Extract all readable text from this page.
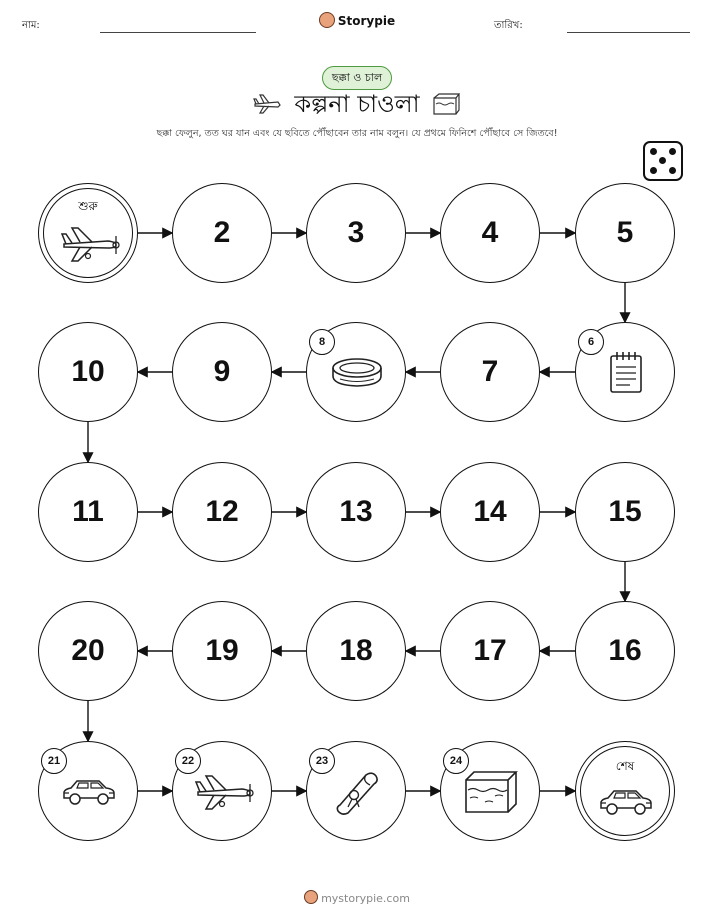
নাম:	Storypie	তারিখ:
ছক্কা ও চাল
কল্পনা চাওলা
ছক্কা ফেলুন, তত ঘর যান এবং যে ছবিতে পৌঁছাবেন তার নাম বলুন। যে প্রথমে ফিনিশে পৌঁছাবে সে জিতবে!
শুরু
2	3	4	5
6
7
8
9
10
11	12	13	14	15
16
17
18
19
20
21	22	23	24	শেষ
mystorypie.com
